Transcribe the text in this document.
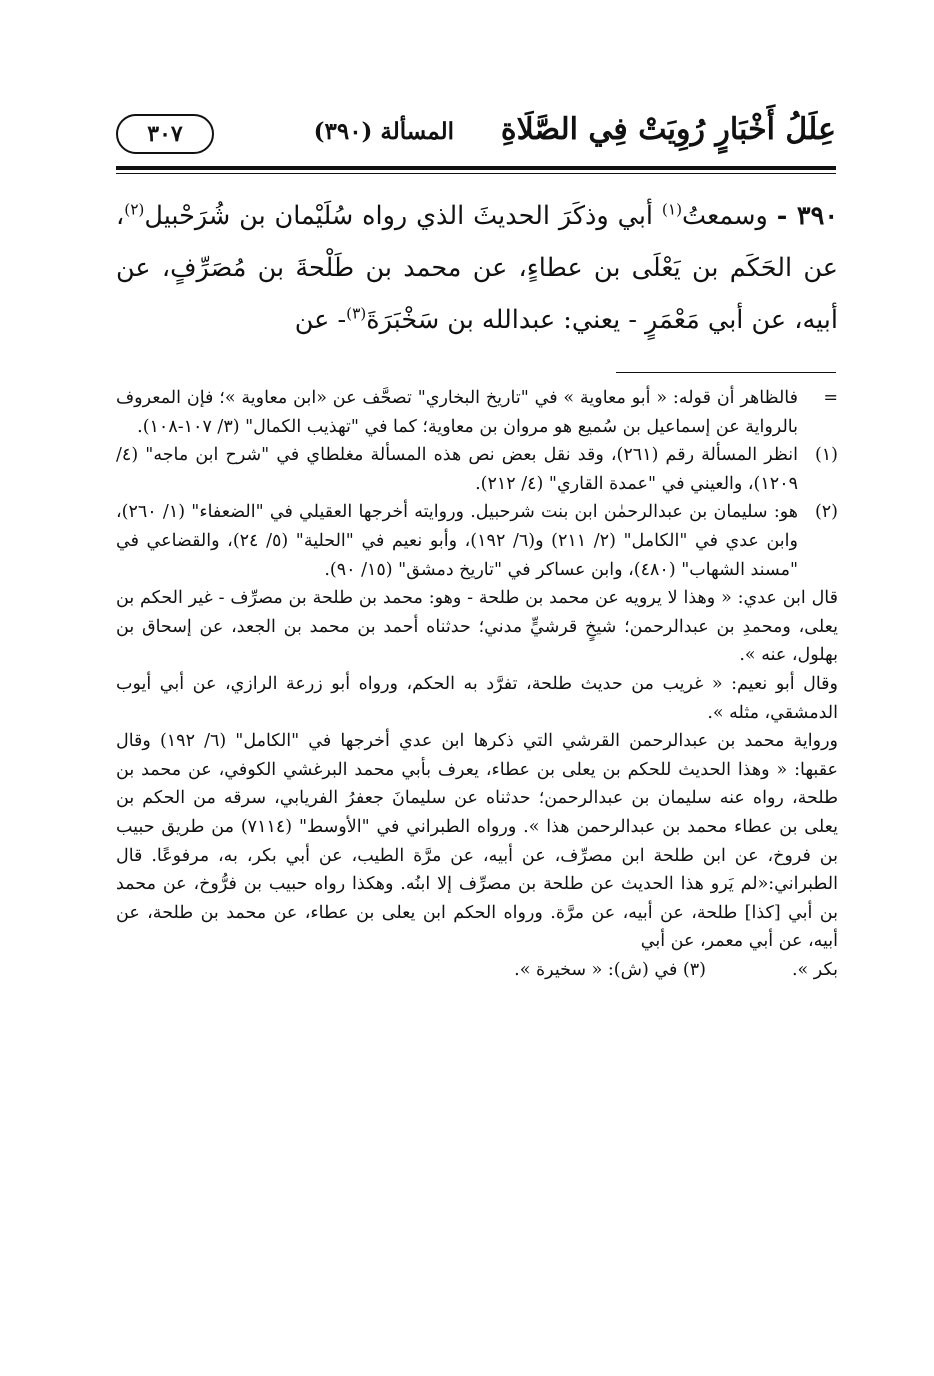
عِلَلُ أَخْبَارٍ رُوِيَتْ فِي الصَّلَاةِ
المسألة (٣٩٠)
٣٠٧
٣٩٠ - وسمعتُ$^{(١)}$ أبي وذكَرَ الحديثَ الذي رواه سُلَيْمان بن شُرَحْبيل$^{(٢)}$، عن الحَكَم بن يَعْلَى بن عطاءٍ، عن محمد بن طَلْحةَ بن مُصَرِّفٍ، عن أبيه، عن أبي مَعْمَرٍ - يعني: عبدالله بن سَخْبَرَةَ$^{(٣)}$- عن
=
فالظاهر أن قوله: « أبو معاوية » في "تاريخ البخاري" تصحَّف عن «ابن معاوية »؛ فإن المعروف بالرواية عن إسماعيل بن سُميع هو مروان بن معاوية؛ كما في "تهذيب الكمال" (٣/ ١٠٧-١٠٨).
(١)
انظر المسألة رقم (٢٦١)، وقد نقل بعض نص هذه المسألة مغلطاي في "شرح ابن ماجه" (٤/ ١٢٠٩)، والعيني في "عمدة القاري" (٤/ ٢١٢).
(٢)
هو: سليمان بن عبدالرحمٰن ابن بنت شرحبيل. وروايته أخرجها العقيلي في "الضعفاء" (١/ ٢٦٠)، وابن عدي في "الكامل" (٢/ ٢١١) و(٦/ ١٩٢)، وأبو نعيم في "الحلية" (٥/ ٢٤)، والقضاعي في "مسند الشهاب" (٤٨٠)، وابن عساكر في "تاريخ دمشق" (١٥/ ٩٠).

قال ابن عدي: « وهذا لا يرويه عن محمد بن طلحة - وهو: محمد بن طلحة بن مصرِّف - غير الحكم بن يعلى، ومحمدِ بن عبدالرحمن؛ شيخٍ قرشيٍّ مدني؛ حدثناه أحمد بن محمد بن الجعد، عن إسحاق بن بهلول، عنه ».

وقال أبو نعيم: « غريب من حديث طلحة، تفرَّد به الحكم، ورواه أبو زرعة الرازي، عن أبي أيوب الدمشقي، مثله ».

ورواية محمد بن عبدالرحمن القرشي التي ذكرها ابن عدي أخرجها في "الكامل" (٦/ ١٩٢) وقال عقبها: « وهذا الحديث للحكم بن يعلى بن عطاء، يعرف بأبي محمد البرغشي الكوفي، عن محمد بن طلحة، رواه عنه سليمان بن عبدالرحمن؛ حدثناه عن سليمانَ جعفرُ الفريابي، سرقه من الحكم بن يعلى بن عطاء محمد بن عبدالرحمن هذا ». ورواه الطبراني في "الأوسط" (٧١١٤) من طريق حبيب بن فروخ، عن ابن طلحة ابن مصرِّف، عن أبيه، عن مرَّة الطيب، عن أبي بكر، به، مرفوعًا. قال الطبراني:«لم يَرو هذا الحديث عن طلحة بن مصرِّف إلا ابنُه. وهكذا رواه حبيب بن فرُّوخ، عن محمد بن أبي [كذا] طلحة، عن أبيه، عن مرَّة. ورواه الحكم ابن يعلى بن عطاء، عن محمد بن طلحة، عن أبيه، عن أبي معمر، عن أبي

بكر ».
(٣) في (ش): « سخيرة ».
